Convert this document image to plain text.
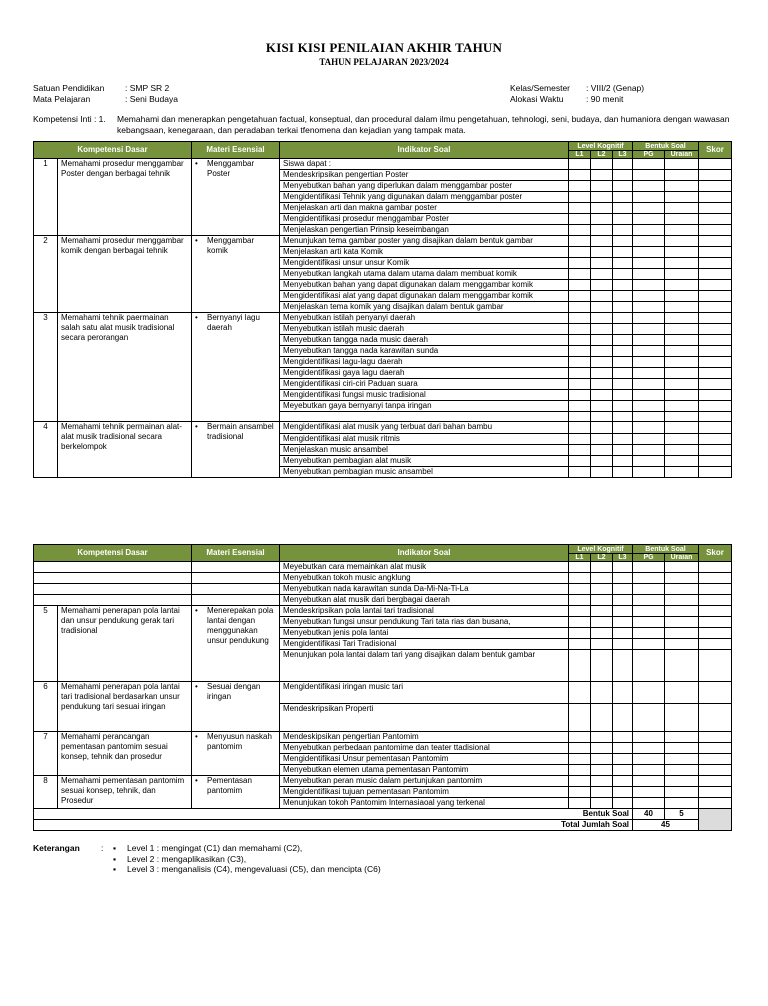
KISI KISI PENILAIAN AKHIR TAHUN
TAHUN PELAJARAN 2023/2024
Satuan Pendidikan : SMP SR 2
Mata Pelajaran	: Seni Budaya
Kelas/Semester : VIII/2 (Genap)
Alokasi Waktu	: 90 menit
Kompetensi Inti : 1. Memahami dan menerapkan pengetahuan factual, konseptual, dan procedural dalam ilmu pengetahuan, tehnologi, seni, budaya, dan humaniora dengan wawasan kebangsaan, kenegaraan, dan peradaban terkai tfenomena dan kejadian yang tampak mata.
Kompetensi Dasar		Materi Esensial	Indikator Soal	Level Kognitif			Bentuk Soal		Skor
				L1	L2	L3	PG	Uraian	
1	Memahami prosedur menggambar Poster dengan berbagai tehnik	• Menggambar Poster	Siswa dapat :						
			Mendeskripsikan pengertian Poster						
			Menyebutkan bahan yang diperlukan dalam menggambar poster						
			Mengidentifikasi Tehnik yang digunakan dalam menggambar poster						
			Menjelaskan arti dan makna gambar poster						
			Mengidentifikasi prosedur menggambar Poster						
			Menjelaskan pengertian Prinsip keseimbangan						
2	Memahami prosedur menggambar komik dengan berbagai tehnik	• Menggambar komik	Menunjukan tema gambar poster yang disajikan dalam bentuk gambar						
			Menjelaskan arti kata Komik						
			Mengidentifikasi unsur unsur Komik						
			Menyebutkan langkah utama dalam utama dalam membuat komik						
			Menyebutkan bahan yang dapat digunakan dalam menggambar komik						
			Mengidentifikasi alat yang dapat digunakan dalam menggambar komik						
			Menjelaskan tema komik yang disajikan dalam bentuk gambar						
3	Memahami tehnik paermainan salah satu alat musik tradisional secara perorangan	• Bernyanyi lagu daerah	Menyebutkan istilah penyanyi daerah						
			Menyebutkan istilah music daerah						
			Menyebutkan tangga nada music daerah						
			Menyebutkan tangga nada karawitan sunda						
			Mengidentifikasi lagu-lagu daerah						
			Mengidentifikasi gaya lagu daerah						
			Mengidentifikasi ciri-ciri Paduan suara						
			Mengidentifikasi fungsi music tradisional						
			Meyebutkan gaya bernyanyi tanpa iringan						

4	Memahami tehnik permainan alat-alat musik tradisional secara berkelompok	• Bermain ansambel tradisional	Mengidentifikasi alat musik yang terbuat dari bahan bambu						
			Mengidentifikasi alat musik ritmis						
			Menjelaskan music ansambel						
			Menyebutkan pembagian alat musik						
			Menyebutkan pembagian music ansambel						
Kompetensi Dasar		Materi Esensial	Indikator Soal	Level Kognitif			Bentuk Soal		Skor
				L1	L2	L3	PG	Uraian	
			Meyebutkan cara memainkan alat musik						
			Menyebutkan tokoh music angklung						
			Menyebutkan nada karawitan sunda Da-Mi-Na-Ti-La						
			Menyebutkan alat musik dari bergbagai daerah						
5	Memahami penerapan pola lantai dan unsur pendukung gerak tari tradisional	• Menerepakan pola lantai dengan menggunakan unsur pendukung	Mendeskripsikan pola lantai tari tradisional						
			Menyebutkan fungsi unsur pendukung Tari tata rias dan busana,						
			Menyebutkan jenis pola lantai						
			Mengidentifikasi Tari Tradisional						
			Menunjukan pola lantai dalam tari yang disajikan dalam bentuk gambar						
6	Memahami penerapan pola lantai tari tradisional berdasarkan unsur pendukung tari sesuai iringan	• Sesuai dengan iringan	Mengidentifikasi iringan music tari						
			Mendeskripsikan Properti						
7	Memahami perancangan pementasan pantomim sesuai konsep, tehnik dan prosedur	• Menyusun naskah pantomim	Mendeskipsikan pengertian Pantomim						
			Menyebutkan perbedaan pantomime dan teater ttadisional						
			Mengidentifikasi Unsur pementasan Pantomim						
			Menyebutkan elemen utama pementasan Pantomim						
8	Memahami pementasan pantomim sesuai konsep, tehnik, dan Prosedur	• Pementasan pantomim	Menyebutkan peran music dalam pertunjukan pantomim						
			Mengidentifikasi tujuan pementasan Pantomim						
			Menunjukan tokoh Pantomim Internasiaoal yang terkenal						
Bentuk Soal							40	5	
Total Jumlah Soal							45		
Keterangan :	▪ Level 1 : mengingat (C1) dan memahami (C2),
▪ Level 2 : mengaplikasikan (C3),
▪ Level 3 : menganalisis (C4), mengevaluasi (C5), dan mencipta (C6)
